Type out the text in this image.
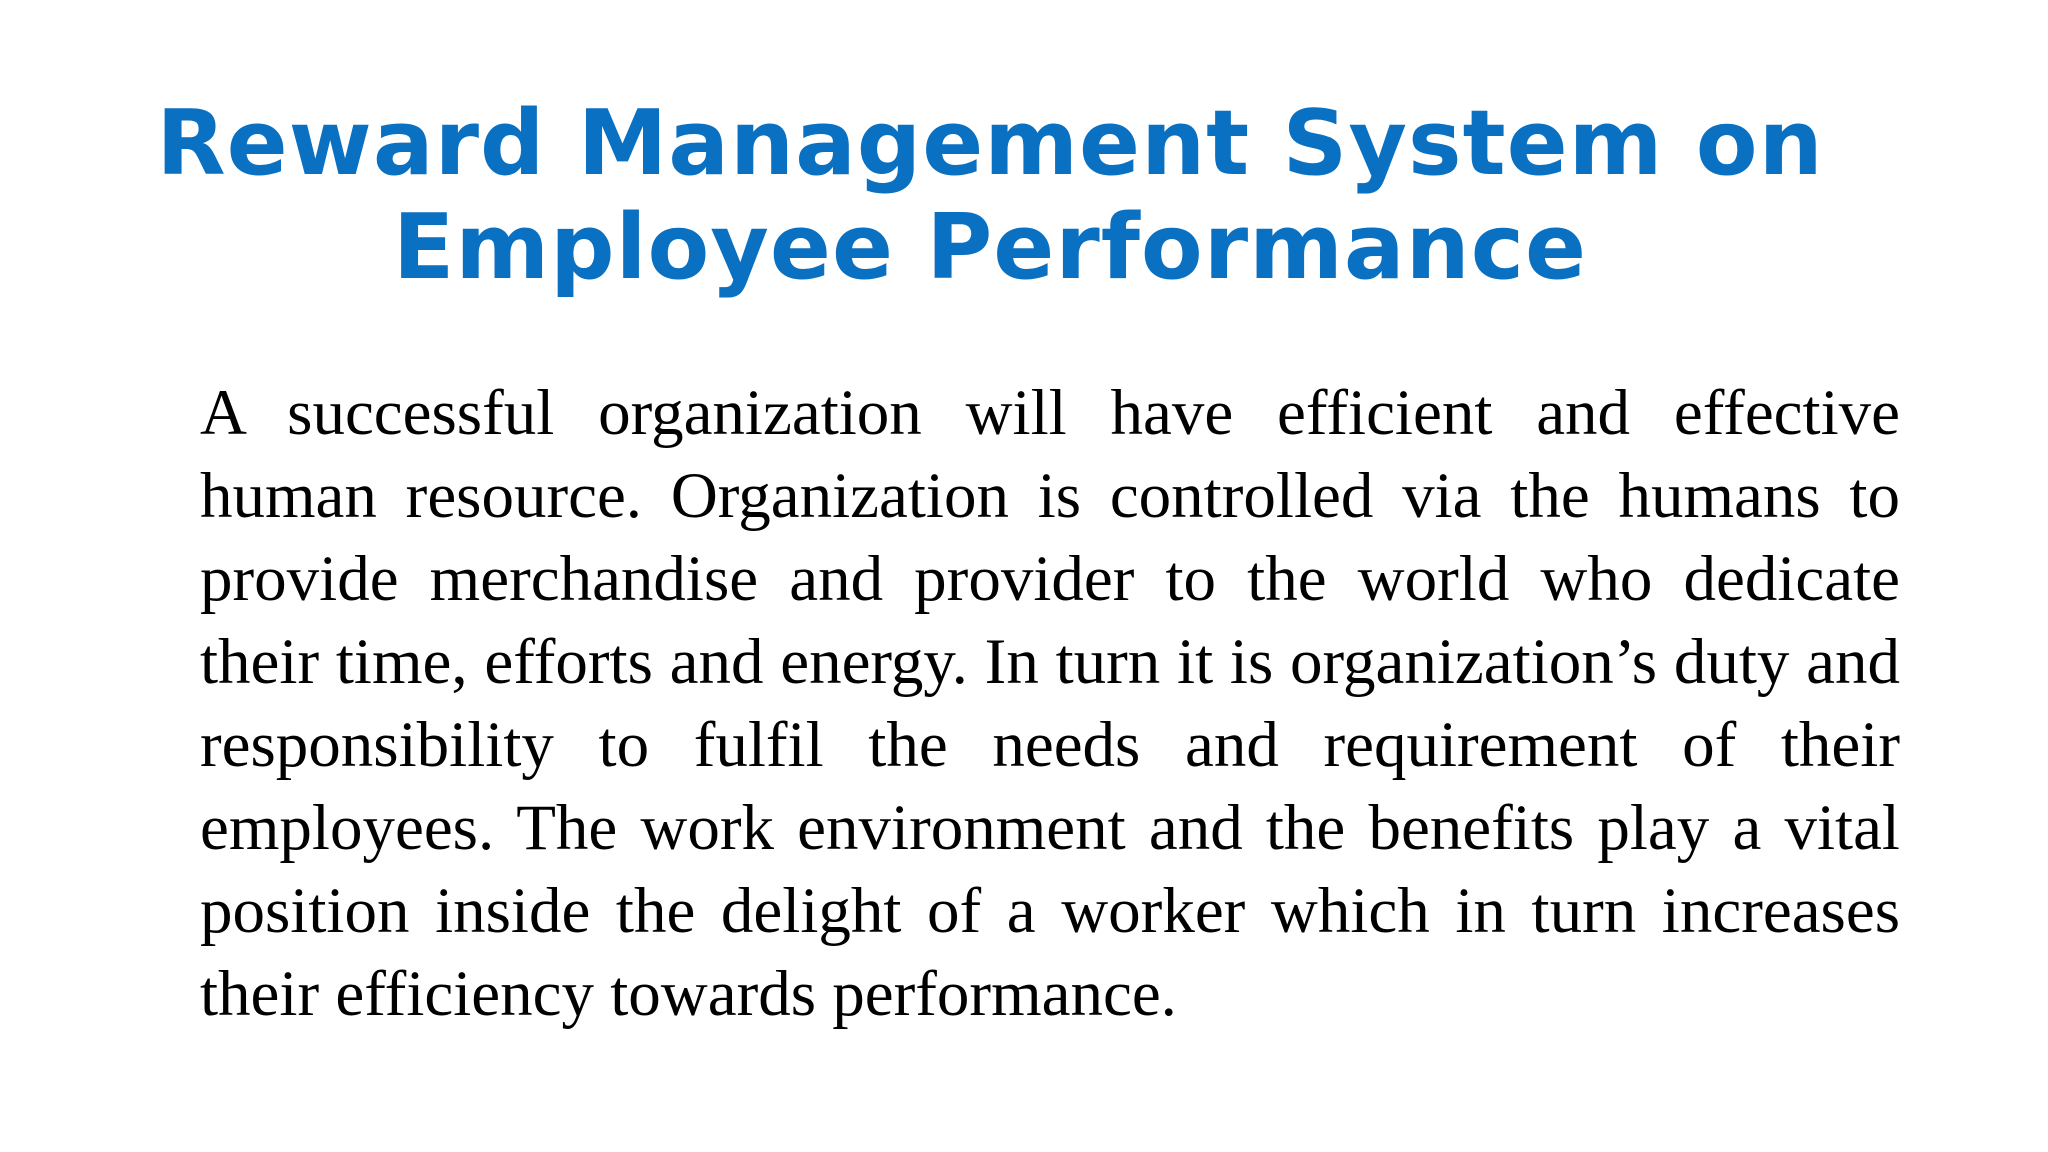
Reward Management System on Employee Performance

A successful organization will have efficient and effective human resource. Organization is controlled via the humans to provide merchandise and provider to the world who dedicate their time, efforts and energy. In turn it is organization’s duty and responsibility to fulfil the needs and requirement of their employees. The work environment and the benefits play a vital position inside the delight of a worker which in turn increases their efficiency towards performance.
